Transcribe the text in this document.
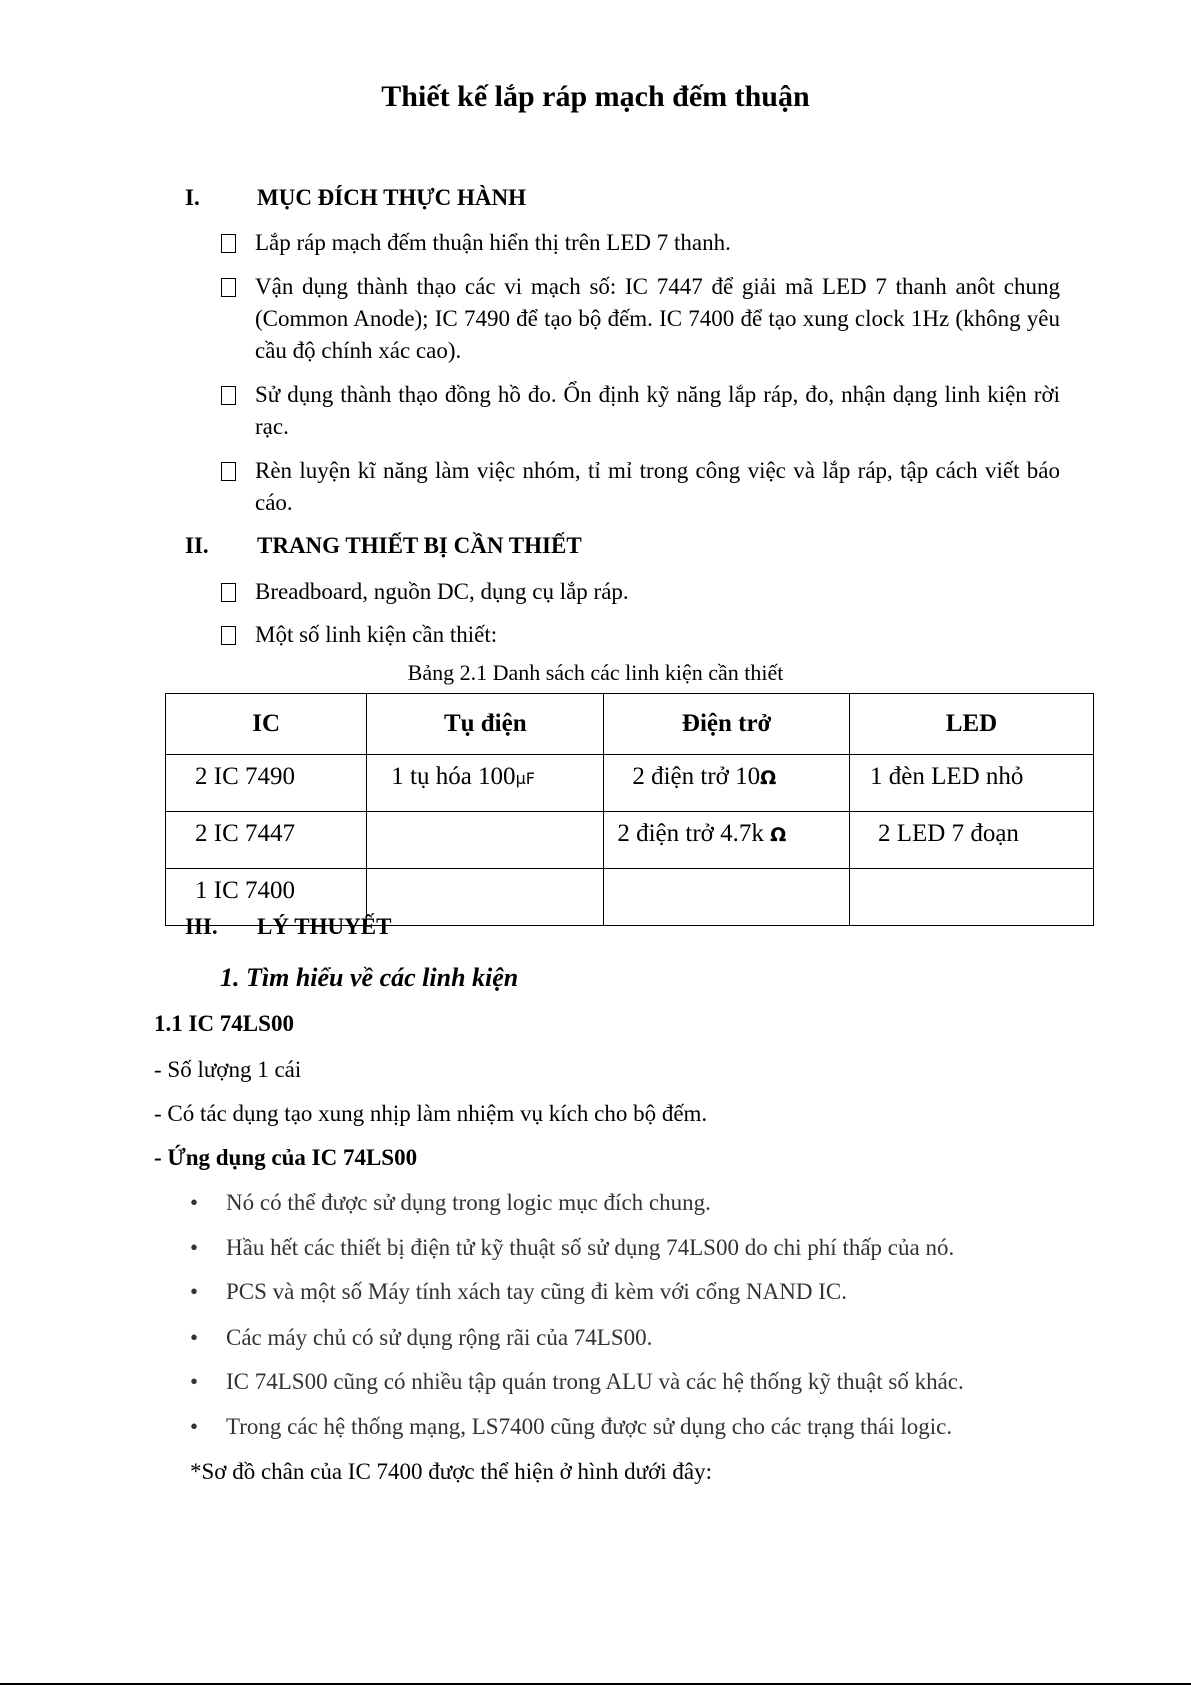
Thiết kế lắp ráp mạch đếm thuận
I. MỤC ĐÍCH THỰC HÀNH
Lắp ráp mạch đếm thuận hiển thị trên LED 7 thanh.
Vận dụng thành thạo các vi mạch số: IC 7447 để giải mã LED 7 thanh anôt chung (Common Anode); IC 7490 để tạo bộ đếm. IC 7400 để tạo xung clock 1Hz (không yêu cầu độ chính xác cao).
Sử dụng thành thạo đồng hồ đo. Ổn định kỹ năng lắp ráp, đo, nhận dạng linh kiện rời rạc.
Rèn luyện kĩ năng làm việc nhóm, tỉ mỉ trong công việc và lắp ráp, tập cách viết báo cáo.
II. TRANG THIẾT BỊ CẦN THIẾT
Breadboard, nguồn DC, dụng cụ lắp ráp.
Một số linh kiện cần thiết:
Bảng 2.1 Danh sách các linh kiện cần thiết
IC	Tụ điện	Điện trở	LED
2 IC 7490	1 tụ hóa 100µF	2 điện trở 10Ω	1 đèn LED nhỏ
2 IC 7447		2 điện trở 4.7k Ω	2 LED 7 đoạn
1 IC 7400			
III. LÝ THUYẾT
1. Tìm hiểu về các linh kiện
1.1 IC 74LS00
- Số lượng 1 cái
- Có tác dụng tạo xung nhịp làm nhiệm vụ kích cho bộ đếm.
- Ứng dụng của IC 74LS00
• Nó có thể được sử dụng trong logic mục đích chung.
• Hầu hết các thiết bị điện tử kỹ thuật số sử dụng 74LS00 do chi phí thấp của nó.
• PCS và một số Máy tính xách tay cũng đi kèm với cổng NAND IC.
• Các máy chủ có sử dụng rộng rãi của 74LS00.
• IC 74LS00 cũng có nhiều tập quán trong ALU và các hệ thống kỹ thuật số khác.
• Trong các hệ thống mạng, LS7400 cũng được sử dụng cho các trạng thái logic.
*Sơ đồ chân của IC 7400 được thể hiện ở hình dưới đây:
